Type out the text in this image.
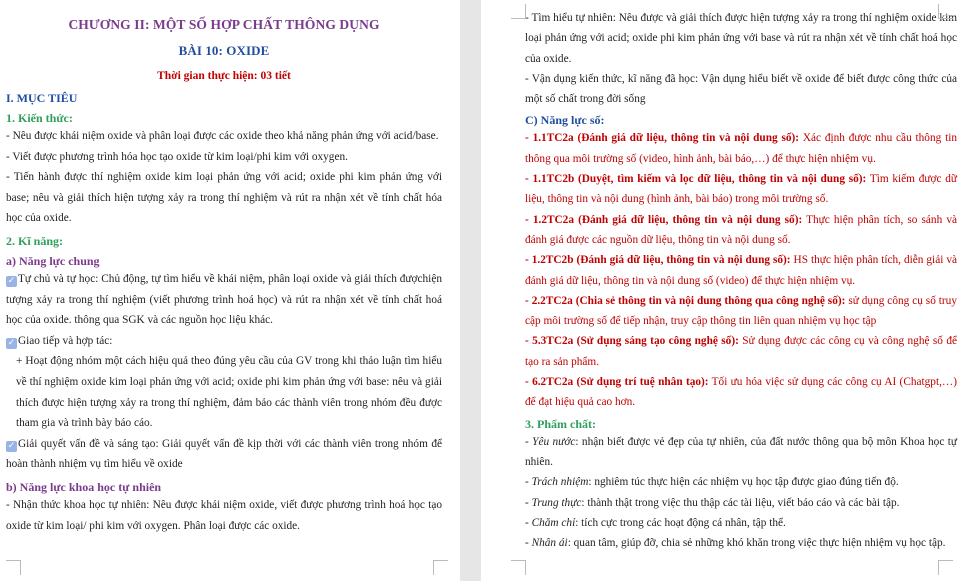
CHƯƠNG II: MỘT SỐ HỢP CHẤT THÔNG DỤNG
BÀI 10: OXIDE
Thời gian thực hiện: 03 tiết
I. MỤC TIÊU
1. Kiến thức:

- Nêu được khái niệm oxide và phân loại được các oxide theo khả năng phản ứng với acid/base.

- Viết được phương trình hóa học tạo oxide từ kim loại/phi kim với oxygen.

- Tiến hành được thí nghiệm oxide kim loại phản ứng với acid; oxide phi kim phản ứng với base; nêu và giải thích hiện tượng xảy ra trong thí nghiệm và rút ra nhận xét về tính chất hóa học của oxide.

2. Kĩ năng:
a) Năng lực chung

✓ Tự chủ và tự học: Chủ động, tự tìm hiểu về khái niệm, phân loại oxide và giải thích đượchiện tượng xảy ra trong thí nghiệm (viết phương trình hoá học) và rút ra nhận xét về tính chất hoá học của oxide. thông qua SGK và các nguồn học liệu khác.

✓ Giao tiếp và hợp tác:

+ Hoạt động nhóm một cách hiệu quả theo đúng yêu cầu của GV trong khi thảo luận tìm hiểu về thí nghiệm oxide kim loại phản ứng với acid; oxide phi kim phản ứng với base: nêu và giải thích được hiện tượng xảy ra trong thí nghiệm, đảm bảo các thành viên trong nhóm đều được tham gia và trình bày báo cáo.

✓ Giải quyết vấn đề và sáng tạo: Giải quyết vấn đề kịp thời với các thành viên trong nhóm để hoàn thành nhiệm vụ tìm hiểu về oxide

b) Năng lực khoa học tự nhiên

- Nhận thức khoa học tự nhiên: Nêu được khái niệm oxide, viết được phương trình hoá học tạo oxide từ kim loại/ phi kim với oxygen. Phân loại được các oxide.

- Tìm hiểu tự nhiên: Nêu được và giải thích được hiện tượng xảy ra trong thí nghiệm oxide kim loại phản ứng với acid; oxide phi kim phản ứng với base và rút ra nhận xét về tính chất hoá học của oxide.

- Vận dụng kiến thức, kĩ năng đã học: Vận dụng hiểu biết về oxide để biết được công thức của một số chất trong đời sống

C) Năng lực số:

- 1.1TC2a (Đánh giá dữ liệu, thông tin và nội dung số): Xác định được nhu cầu thông tin thông qua môi trường số (video, hình ảnh, bài báo,…) để thực hiện nhiệm vụ.

- 1.1TC2b (Duyệt, tìm kiếm và lọc dữ liệu, thông tin và nội dung số): Tìm kiếm được dữ liệu, thông tin và nội dung (hình ảnh, bài báo) trong môi trường số.

- 1.2TC2a (Đánh giá dữ liệu, thông tin và nội dung số): Thực hiện phân tích, so sánh và đánh giá được các nguồn dữ liệu, thông tin và nội dung số.

- 1.2TC2b (Đánh giá dữ liệu, thông tin và nội dung số): HS thực hiện phân tích, diễn giải và đánh giá dữ liệu, thông tin và nội dung số (video) để thực hiện nhiệm vụ.

- 2.2TC2a (Chia sẻ thông tin và nội dung thông qua công nghệ số): sử dụng công cụ số truy cập môi trường số để tiếp nhận, truy cập thông tin liên quan nhiệm vụ học tập

- 5.3TC2a (Sử dụng sáng tạo công nghệ số): Sử dụng được các công cụ và công nghệ số để tạo ra sản phẩm.

- 6.2TC2a (Sử dụng trí tuệ nhân tạo): Tối ưu hóa việc sử dụng các công cụ AI (Chatgpt,…) để đạt hiệu quả cao hơn.

3. Phẩm chất:

- Yêu nước: nhận biết được vẻ đẹp của tự nhiên, của đất nước thông qua bộ môn Khoa học tự nhiên.

- Trách nhiệm: nghiêm túc thực hiện các nhiệm vụ học tập được giao đúng tiến độ.

- Trung thực: thành thật trong việc thu thập các tài liệu, viết báo cáo và các bài tập.

- Chăm chỉ: tích cực trong các hoạt động cá nhân, tập thể.

- Nhân ái: quan tâm, giúp đỡ, chia sẻ những khó khăn trong việc thực hiện nhiệm vụ học tập.
